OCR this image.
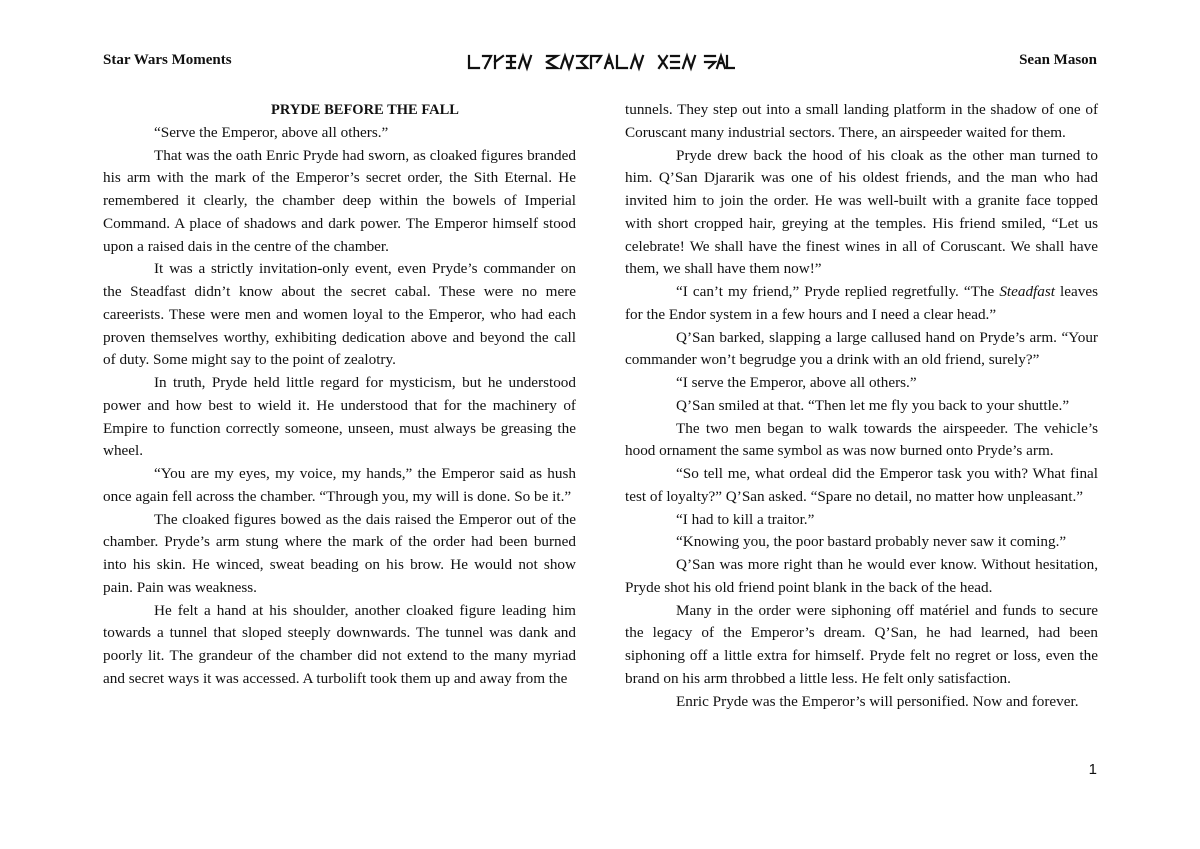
Star Wars Moments	Sean Mason

PRYDE BEFORE THE FALL

“Serve the Emperor, above all others.”

That was the oath Enric Pryde had sworn, as cloaked figures branded his arm with the mark of the Emperor’s secret order, the Sith Eternal. He remembered it clearly, the chamber deep within the bowels of Imperial Command. A place of shadows and dark power. The Emperor himself stood upon a raised dais in the centre of the chamber.

It was a strictly invitation-only event, even Pryde’s commander on the Steadfast didn’t know about the secret cabal. These were no mere careerists. These were men and women loyal to the Emperor, who had each proven themselves worthy, exhibiting dedication above and beyond the call of duty. Some might say to the point of zealotry.

In truth, Pryde held little regard for mysticism, but he understood power and how best to wield it. He understood that for the machinery of Empire to function correctly someone, unseen, must always be greasing the wheel.

“You are my eyes, my voice, my hands,” the Emperor said as hush once again fell across the chamber. “Through you, my will is done. So be it.”

The cloaked figures bowed as the dais raised the Emperor out of the chamber. Pryde’s arm stung where the mark of the order had been burned into his skin. He winced, sweat beading on his brow. He would not show pain. Pain was weakness.

He felt a hand at his shoulder, another cloaked figure leading him towards a tunnel that sloped steeply downwards. The tunnel was dank and poorly lit. The grandeur of the chamber did not extend to the many myriad and secret ways it was accessed. A turbolift took them up and away from the

tunnels. They step out into a small landing platform in the shadow of one of Coruscant many industrial sectors. There, an airspeeder waited for them.

Pryde drew back the hood of his cloak as the other man turned to him. Q’San Djararik was one of his oldest friends, and the man who had invited him to join the order. He was well-built with a granite face topped with short cropped hair, greying at the temples. His friend smiled, “Let us celebrate! We shall have the finest wines in all of Coruscant. We shall have them, we shall have them now!”

“I can’t my friend,” Pryde replied regretfully. “The Steadfast leaves for the Endor system in a few hours and I need a clear head.”

Q’San barked, slapping a large callused hand on Pryde’s arm. “Your commander won’t begrudge you a drink with an old friend, surely?”

“I serve the Emperor, above all others.”

Q’San smiled at that. “Then let me fly you back to your shuttle.”

The two men began to walk towards the airspeeder. The vehicle’s hood ornament the same symbol as was now burned onto Pryde’s arm.

“So tell me, what ordeal did the Emperor task you with? What final test of loyalty?” Q’San asked. “Spare no detail, no matter how unpleasant.”

“I had to kill a traitor.”

“Knowing you, the poor bastard probably never saw it coming.”

Q’San was more right than he would ever know. Without hesitation, Pryde shot his old friend point blank in the back of the head.

Many in the order were siphoning off matériel and funds to secure the legacy of the Emperor’s dream. Q’San, he had learned, had been siphoning off a little extra for himself. Pryde felt no regret or loss, even the brand on his arm throbbed a little less. He felt only satisfaction.

Enric Pryde was the Emperor’s will personified. Now and forever.

1
